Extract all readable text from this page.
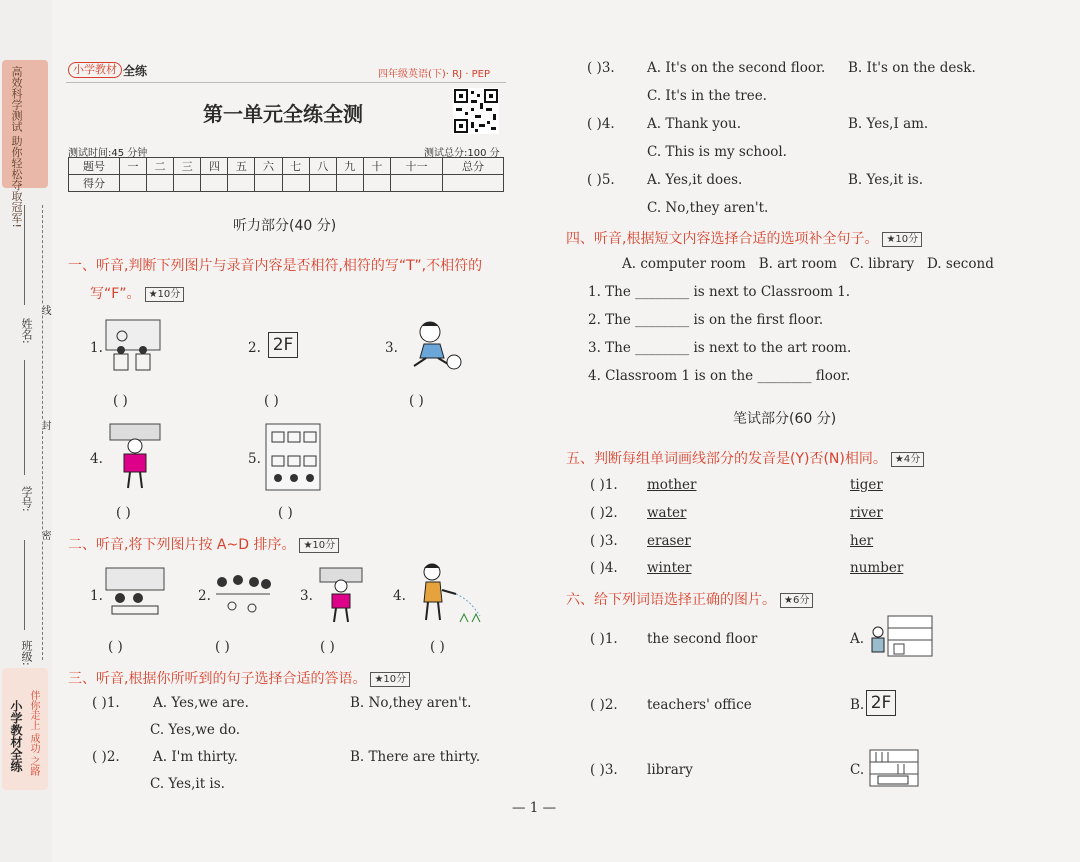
高效科学测试 助你轻松夺取冠军!
姓名:
学号:
班级:
线
封
密
小学教材全练 伴你走上 成功
之路
小学教材 全练	四年级英语(下)· RJ · PEP
第一单元全练全测
测试时间:45 分钟	测试总分:100 分
题号	一	二	三	四	五	六	七	八	九	十	十一	总分
得分												
听力部分(40 分)
一、听音,判断下列图片与录音内容是否相符,相符的写“T”,不相符的
写“F”。 ★10分
1.	2. 2F	3.
( )	( )	( )
4.	5.
( )	( )
二、听音,将下列图片按 A~D 排序。 ★10分
1.	2.	3.	4.
( )	( )	( )	( )
三、听音,根据你所听到的句子选择合适的答语。 ★10分
( )1. A. Yes,we are.	B. No,they aren't.
C. Yes,we do.
( )2. A. I'm thirty.	B. There are thirty.
C. Yes,it is.
( )3. A. It's on the second floor. B. It's on the desk.
C. It's in the tree.
( )4. A. Thank you.	B. Yes,I am.
C. This is my school.
( )5. A. Yes,it does.	B. Yes,it is.
C. No,they aren't.
四、听音,根据短文内容选择合适的选项补全句子。 ★10分
A. computer room   B. art room   C. library   D. second
1. The ________ is next to Classroom 1.
2. The ________ is on the first floor.
3. The ________ is next to the art room.
4. Classroom 1 is on the ________ floor.
笔试部分(60 分)
五、判断每组单词画线部分的发音是(Y)否(N)相同。 ★4分
( )1. mother	tiger
( )2. water	river
( )3. eraser	her
( )4. winter	number
六、给下列词语选择正确的图片。 ★6分
( )1. the second floor	A.
( )2. teachers' office	B. 2F
( )3. library	C.
— 1 —
